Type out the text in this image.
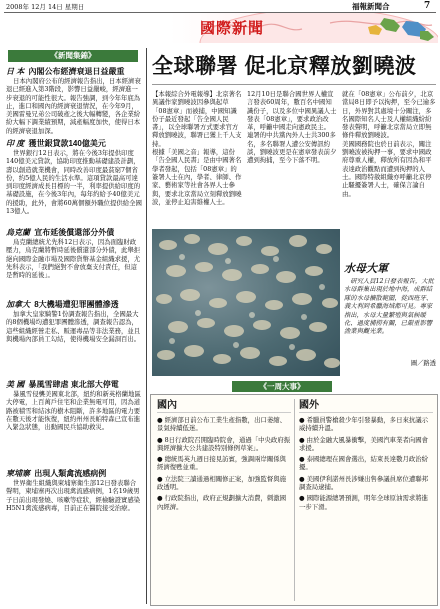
2008年 12月 14日 星期日	福報新聞合	7
國際新聞
《新聞集錦》
日 本 內閣公布經濟衰退日益嚴重

日本內閣府公布的經濟報告指出，日本經濟衰退已經進入第3階段，影響日益嚴峻，經濟進一步衰退的可能性很大。報告強調，到今年年底為止，進口和國內的經濟衰退情況，在今年9月，美國雷曼兄弟公司破產之後大幅轉變，各企業紛紛大幅下調業績預期，減產幅度加快，使得日本的經濟衰退加深。

印 度 獲世銀貸款140億美元

世界銀行12日表示，將在今後3年提供印度140億美元貸款，協助印度推動基礎建設計劃，壽以創造就業機會，同時改善印度最貧窮7個省份，約5億人民的生活水準。這項貸款最高可達到印度經濟成長目標的一半，利率提供給印度的基礎設施，在今後3年內，每年約給予40億美元的援助，此外，會將60萬個額外職位提供給全國13億人。

烏克蘭 宣布延後償還部分外債

烏克蘭總統尤先科12日表示，因為面臨財政壓力，烏克蘭將暫時延後償還部分外債，此舉拒絕向國際金融市場及國際貨幣基金組織求援，尤先科表示，「我們絕對不會放棄支付責任，但這是暫時的延後」。

加拿大 8大機場遭犯罪團體滲透

加拿大皇家騎警1份調查報告指出，全國最大的8個機場均遭犯罪團體滲透，調查報告認為，這些組織經營走私、販運毒品等非法業務，並且與機場內部員工勾結，使得機場安全漏洞百出。

美 國 暴風雪肆虐 東北部大停電

暴風雪侵襲美國東北部，紐約和新英格蘭地區大停電，上百萬戶住宅和企業無電可用，因為道路被積雪和結冰的樹木阻斷，許多地區的電力要在數天後才能恢復，紐約州州長帕特森已宣布進入緊急狀態，出動國民兵協助救災。

柬埔寨 出現人類禽流感病例

世界衛生組織與柬埔寨衛生部12日發表聯合聲明，柬埔寨再次出現禽流感病例，1名19歲男子日前出現發燒、咳嗽等症狀，經檢驗證實感染H5N1禽流感病毒，目前正在醫院接受治療。

全球聯署 促北京釋放劉曉波
【本報綜合外電報導】北京著名異議作家劉曉波因參與起草「08憲章」而被捕，中國知識份子最近發起「告全國人民書」，以全球聯署方式要求官方釋放劉曉波，聯署已獲上千人支持。
根據「美國之音」報導，這份「告全國人民書」是由中國著名學者發起，包括「08憲章」的簽署人士在內，學者、律師、作家、藝術家等社會各界人士參與，要求北京當局立刻釋放劉曉波，並停止迫害維權人士。
12月10日是聯合國世界人權宣言發表60周年，數百名中國知識份子，以及多位中國異議人士發表「08憲章」，要求政治改革，呼籲中國走向憲政民主。
連署的中共黨內外人士共300多名，多名聯署人遭公安傳訊約談，劉曉波更是在憲章發表前夕遭到拘捕，至今下落不明。
就在「08憲章」公布前夕，北京當局8日即予以拘押，至今已逾多日，外界對其處境十分關注，多名國際知名人士及人權組織紛紛發表聲明，呼籲北京當局立即無條件釋放劉曉波。
美國國務院也於日前表示，關注劉曉波被拘押一事，要求中國政府尊重人權，釋放所有因為和平表達政治觀點而遭到拘押的人士。國際特赦組織亦呼籲北京停止騷擾簽署人士，確保言論自由。
水母大軍
研究人員12日發表報告，大批水母群集出現於地中海，成群結隊的水母擴散範圍，從西班牙、義大利到希臘海域都可見。專家指出，水母大量繁殖與氣候暖化、過度捕撈有關，已嚴重影響漁業與觀光業。
圖／路透
《一周大事》
國內
● 經濟部日前公布工業生產指數，出口萎縮、景氣持續低迷。
● 8日行政院召開臨時院會，通過「中央政府振興經濟擴大公共建設特別條例草案」。
● 總統馬英九週日接見訪賓，強調兩岸關係與經濟復甦並重。
● 立法院三讀通過相關修正案，加強監督與施政透明。
● 行政院指出，政府正規劃擴大消費，刺激國內經濟。
國外
● 希臘員警槍殺少年引發暴動，多日來抗議示威持續升溫。
● 由於金融大風暴衝擊，美國汽車業者向國會求援。
● 泰國總理在國會選出，結束長達數月政治紛擾。
● 美國伊利諾州長涉嫌出售參議員席位遭聯邦調查局逮捕。
● 國際能源總署預測，明年全球原油需求將進一步下滑。
